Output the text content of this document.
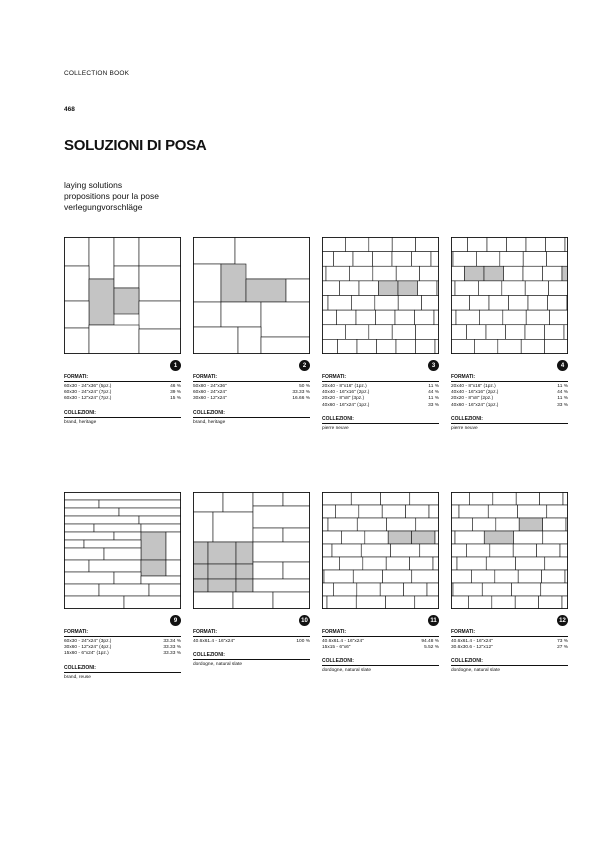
COLLECTION BOOK
468
SOLUZIONI DI POSA
laying solutions
propositions pour la pose
verlegungvorschläge
1
FORMATI:
60x30 - 24"x36" (5pz.)	46 %
60x30 - 24"x24" (7pz.)	39 %
60x30 - 12"x24" (7pz.)	15 %
COLLEZIONI:
brand, heritage
2
FORMATI:
50x80 - 24"x36"	50 %
60x60 - 24"x24"	33.33 %
30x60 - 12"x24"	16.66 %
COLLEZIONI:
brand, heritage
3
FORMATI:
20x40 - 8"x16" (1pz.)	11 %
40x40 - 16"x16" (2pz.)	44 %
20x20 - 8"x8" (3pz.)	11 %
40x60 - 16"x24" (1pz.)	33 %
COLLEZIONI:
pierre neuve
4
FORMATI:
20x40 - 8"x16" (1pz.)	11 %
40x40 - 16"x16" (2pz.)	44 %
20x20 - 8"x8" (2pz.)	11 %
40x60 - 16"x24" (1pz.)	33 %
COLLEZIONI:
pierre neuve
9
FORMATI:
60x30 - 24"x24" (3pz.)	33.34 %
30x60 - 12"x24" (4pz.)	33.33 %
15x60 - 6"x24" (1pz.)	33.33 %
COLLEZIONI:
brand, reuse
10
FORMATI:
40.6x61.4 - 16"x24"	100 %
COLLEZIONI:
dordogne, natural slate
11
FORMATI:
40.6x61.4 - 16"x24"	94.48 %
15x15 - 6"x6"	5.52 %
COLLEZIONI:
dordogne, natural slate
12
FORMATI:
40.6x61.4 - 16"x24"	73 %
30.6x30.6 - 12"x12"	27 %
COLLEZIONI:
dordogne, natural slate
